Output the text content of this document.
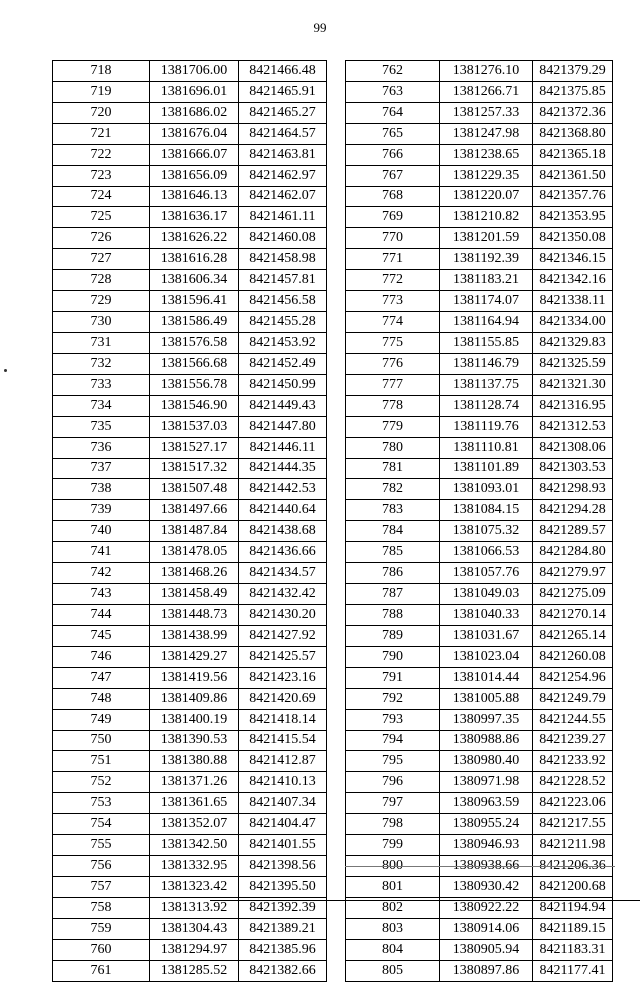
99
718	1381706.00	8421466.48
719	1381696.01	8421465.91
720	1381686.02	8421465.27
721	1381676.04	8421464.57
722	1381666.07	8421463.81
723	1381656.09	8421462.97
724	1381646.13	8421462.07
725	1381636.17	8421461.11
726	1381626.22	8421460.08
727	1381616.28	8421458.98
728	1381606.34	8421457.81
729	1381596.41	8421456.58
730	1381586.49	8421455.28
731	1381576.58	8421453.92
732	1381566.68	8421452.49
733	1381556.78	8421450.99
734	1381546.90	8421449.43
735	1381537.03	8421447.80
736	1381527.17	8421446.11
737	1381517.32	8421444.35
738	1381507.48	8421442.53
739	1381497.66	8421440.64
740	1381487.84	8421438.68
741	1381478.05	8421436.66
742	1381468.26	8421434.57
743	1381458.49	8421432.42
744	1381448.73	8421430.20
745	1381438.99	8421427.92
746	1381429.27	8421425.57
747	1381419.56	8421423.16
748	1381409.86	8421420.69
749	1381400.19	8421418.14
750	1381390.53	8421415.54
751	1381380.88	8421412.87
752	1381371.26	8421410.13
753	1381361.65	8421407.34
754	1381352.07	8421404.47
755	1381342.50	8421401.55
756	1381332.95	8421398.56
757	1381323.42	8421395.50
758	1381313.92	8421392.39
759	1381304.43	8421389.21
760	1381294.97	8421385.96
761	1381285.52	8421382.66
762	1381276.10	8421379.29
763	1381266.71	8421375.85
764	1381257.33	8421372.36
765	1381247.98	8421368.80
766	1381238.65	8421365.18
767	1381229.35	8421361.50
768	1381220.07	8421357.76
769	1381210.82	8421353.95
770	1381201.59	8421350.08
771	1381192.39	8421346.15
772	1381183.21	8421342.16
773	1381174.07	8421338.11
774	1381164.94	8421334.00
775	1381155.85	8421329.83
776	1381146.79	8421325.59
777	1381137.75	8421321.30
778	1381128.74	8421316.95
779	1381119.76	8421312.53
780	1381110.81	8421308.06
781	1381101.89	8421303.53
782	1381093.01	8421298.93
783	1381084.15	8421294.28
784	1381075.32	8421289.57
785	1381066.53	8421284.80
786	1381057.76	8421279.97
787	1381049.03	8421275.09
788	1381040.33	8421270.14
789	1381031.67	8421265.14
790	1381023.04	8421260.08
791	1381014.44	8421254.96
792	1381005.88	8421249.79
793	1380997.35	8421244.55
794	1380988.86	8421239.27
795	1380980.40	8421233.92
796	1380971.98	8421228.52
797	1380963.59	8421223.06
798	1380955.24	8421217.55
799	1380946.93	8421211.98
800	1380938.66	8421206.36
801	1380930.42	8421200.68
802	1380922.22	8421194.94
803	1380914.06	8421189.15
804	1380905.94	8421183.31
805	1380897.86	8421177.41
